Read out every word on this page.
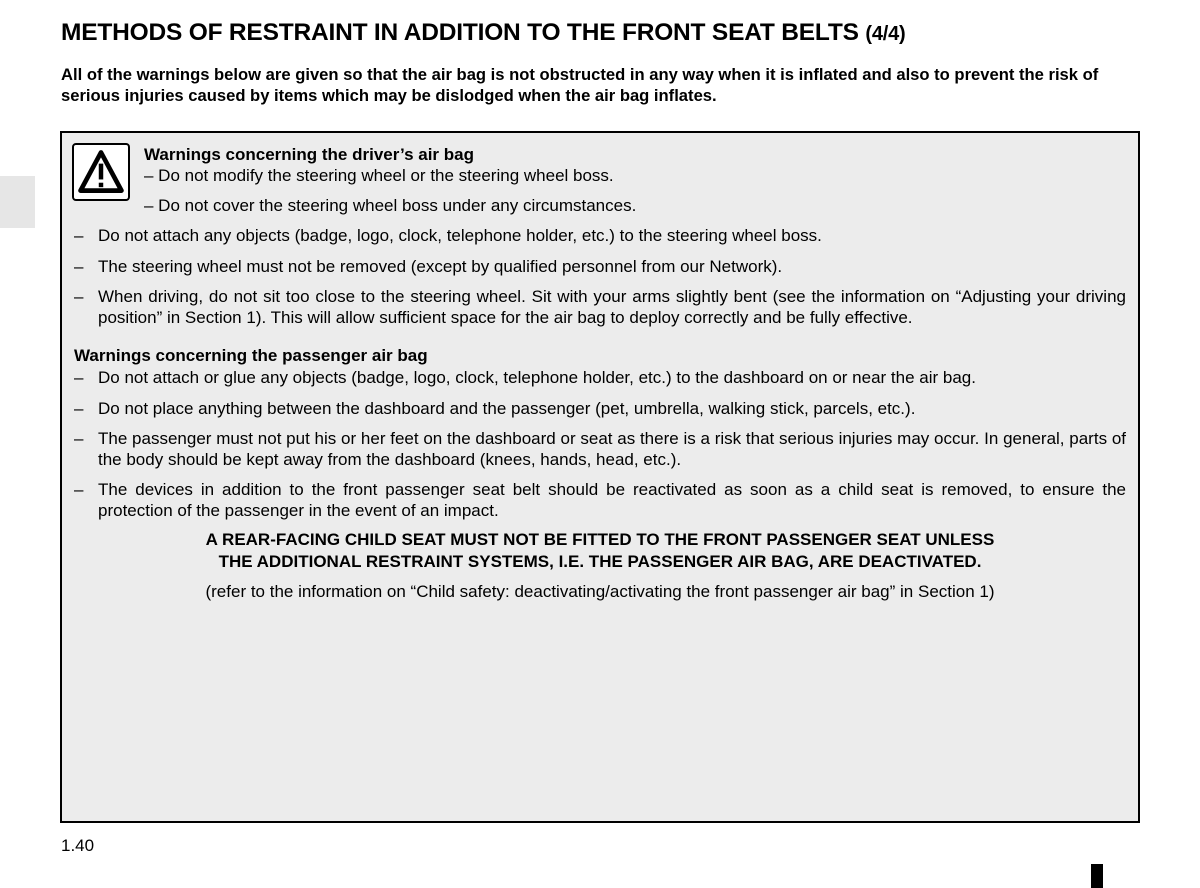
METHODS OF RESTRAINT IN ADDITION TO THE FRONT SEAT BELTS (4/4)
All of the warnings below are given so that the air bag is not obstructed in any way when it is inflated and also to prevent the risk of serious injuries caused by items which may be dislodged when the air bag inflates.
Warnings concerning the driver’s air bag
– Do not modify the steering wheel or the steering wheel boss.
– Do not cover the steering wheel boss under any circumstances.
– Do not attach any objects (badge, logo, clock, telephone holder, etc.) to the steering wheel boss.
– The steering wheel must not be removed (except by qualified personnel from our Network).
– When driving, do not sit too close to the steering wheel. Sit with your arms slightly bent (see the information on “Adjusting your driving position” in Section 1). This will allow sufficient space for the air bag to deploy correctly and be fully effective.
Warnings concerning the passenger air bag
– Do not attach or glue any objects (badge, logo, clock, telephone holder, etc.) to the dashboard on or near the air bag.
– Do not place anything between the dashboard and the passenger (pet, umbrella, walking stick, parcels, etc.).
– The passenger must not put his or her feet on the dashboard or seat as there is a risk that serious injuries may occur. In general, parts of the body should be kept away from the dashboard (knees, hands, head, etc.).
– The devices in addition to the front passenger seat belt should be reactivated as soon as a child seat is removed, to ensure the protection of the passenger in the event of an impact.
A REAR-FACING CHILD SEAT MUST NOT BE FITTED TO THE FRONT PASSENGER SEAT UNLESS
THE ADDITIONAL RESTRAINT SYSTEMS, I.E. THE PASSENGER AIR BAG, ARE DEACTIVATED.
(refer to the information on “Child safety: deactivating/activating the front passenger air bag” in Section 1)
1.40
